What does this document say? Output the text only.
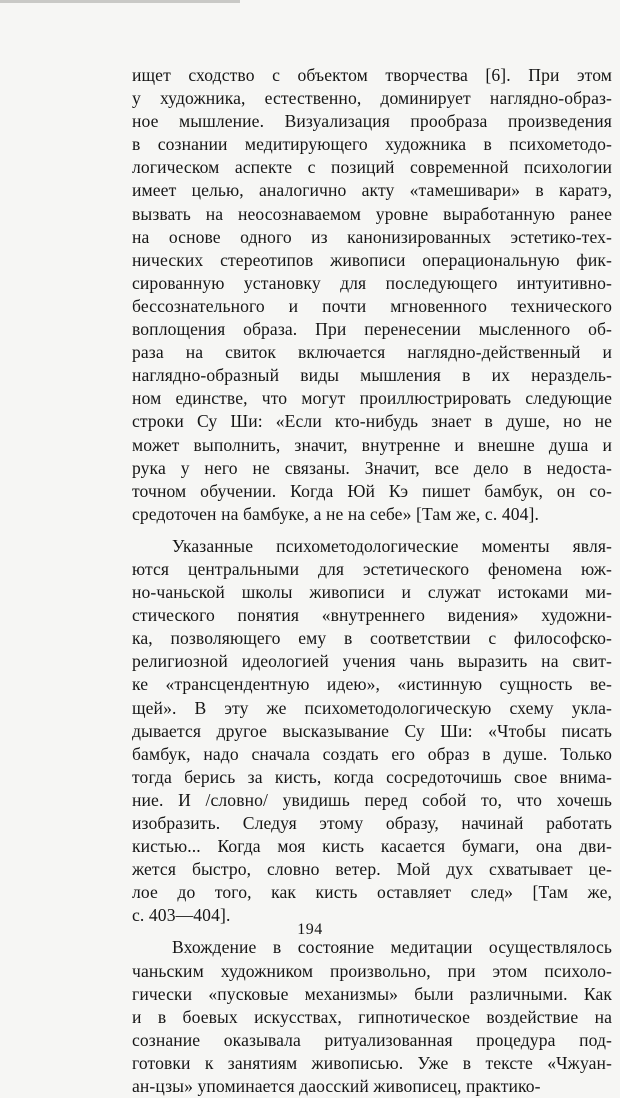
ищет сходство с объектом творчества [6]. При этом
у художника, естественно, доминирует наглядно-образ-
ное мышление. Визуализация прообраза произведения
в сознании медитирующего художника в психометодо-
логическом аспекте с позиций современной психологии
имеет целью, аналогично акту «тамешивари» в каратэ,
вызвать на неосознаваемом уровне выработанную ранее
на основе одного из канонизированных эстетико-тех-
нических стереотипов живописи операциональную фик-
сированную установку для последующего интуитивно-
бессознательного и почти мгновенного технического
воплощения образа. При перенесении мысленного об-
раза на свиток включается наглядно-действенный и
наглядно-образный виды мышления в их нераздель-
ном единстве, что могут проиллюстрировать следующие
строки Су Ши: «Если кто-нибудь знает в душе, но не
может выполнить, значит, внутренне и внешне душа и
рука у него не связаны. Значит, все дело в недоста-
точном обучении. Когда Юй Кэ пишет бамбук, он со-
средоточен на бамбуке, а не на себе» [Там же, с. 404].
Указанные психометодологические моменты явля-
ются центральными для эстетического феномена юж-
но-чаньской школы живописи и служат истоками ми-
стического понятия «внутреннего видения» художни-
ка, позволяющего ему в соответствии с философско-
религиозной идеологией учения чань выразить на свит-
ке «трансцендентную идею», «истинную сущность ве-
щей». В эту же психометодологическую схему укла-
дывается другое высказывание Су Ши: «Чтобы писать
бамбук, надо сначала создать его образ в душе. Только
тогда берись за кисть, когда сосредоточишь свое внима-
ние. И /словно/ увидишь перед собой то, что хочешь
изобразить. Следуя этому образу, начинай работать
кистью... Когда моя кисть касается бумаги, она дви-
жется быстро, словно ветер. Мой дух схватывает це-
лое до того, как кисть оставляет след» [Там же,
с. 403—404].
Вхождение в состояние медитации осуществлялось
чаньским художником произвольно, при этом психоло-
гически «пусковые механизмы» были различными. Как
и в боевых искусствах, гипнотическое воздействие на
сознание оказывала ритуализованная процедура под-
готовки к занятиям живописью. Уже в тексте «Чжуан-
ан-цзы» упоминается даосский живописец, практико-
194
